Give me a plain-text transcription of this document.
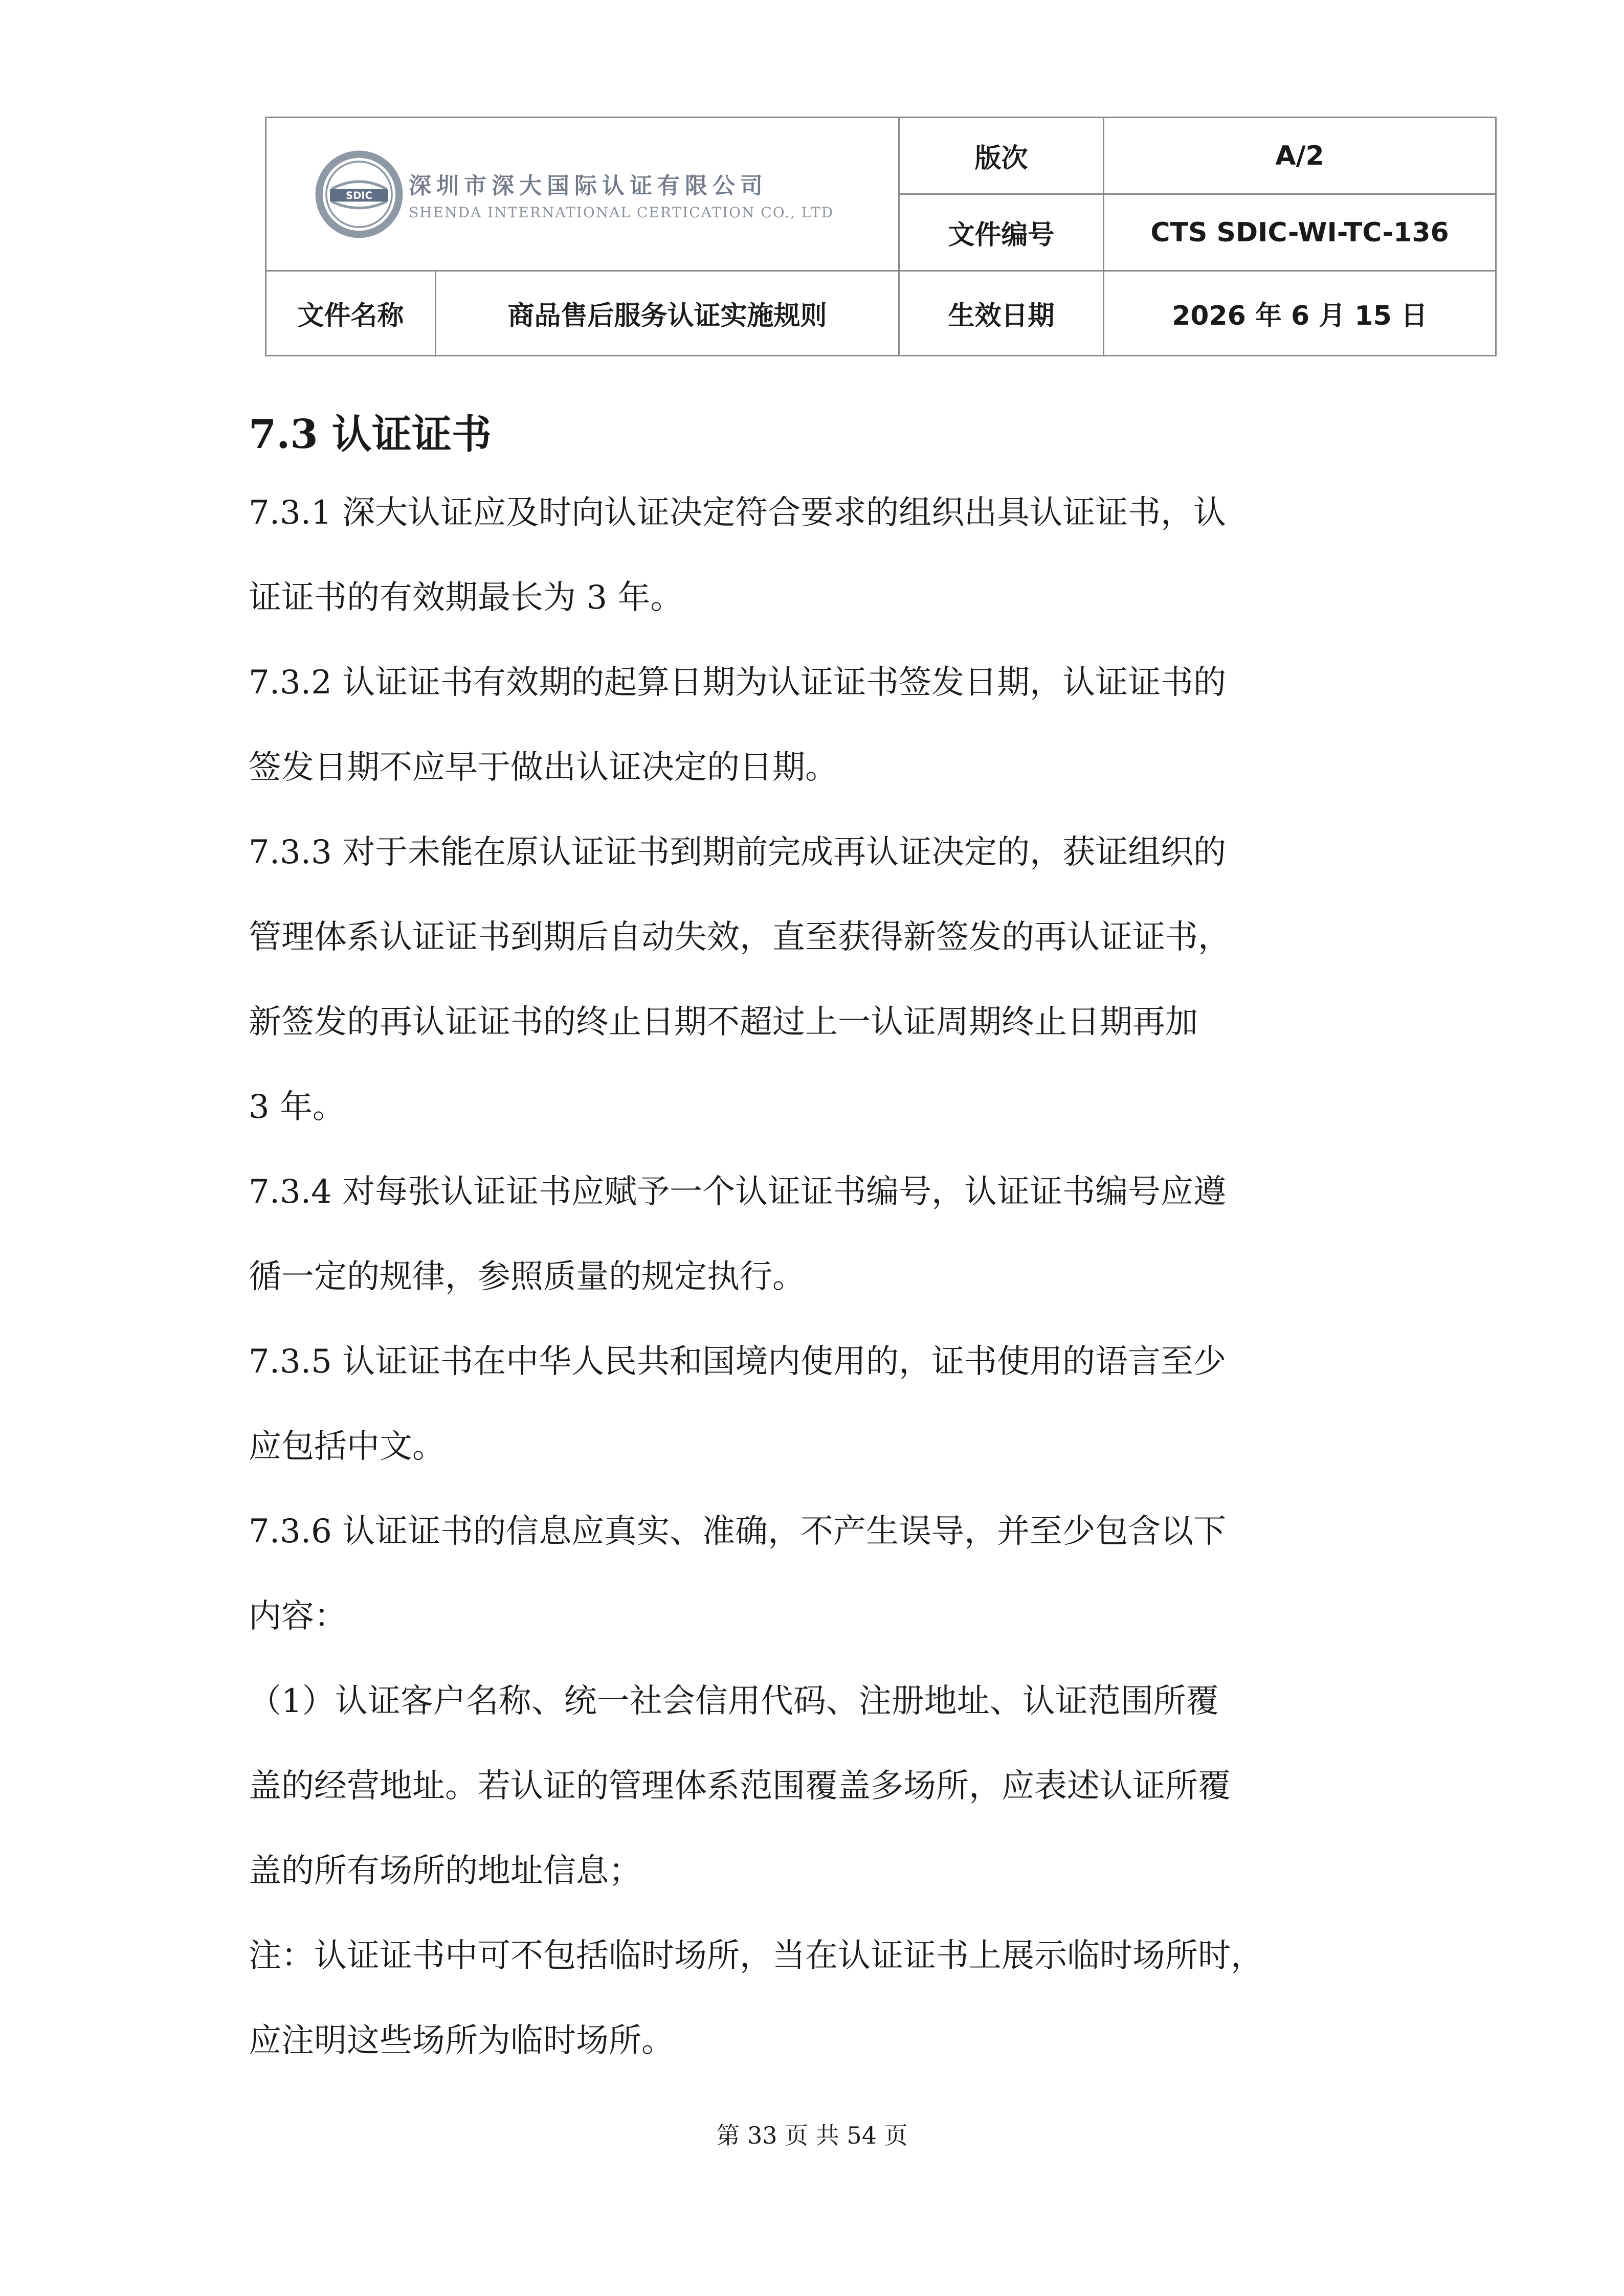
SDIC 深圳市深大国际认证有限公司
SHENDA INTERNATIONAL CERTICATION CO., LTD		版次	A/2
		文件编号	CTS SDIC-WI-TC-136
文件名称	商品售后服务认证实施规则	生效日期	2026 年 6 月 15 日
7.3 认证证书
7.3.1 深大认证应及时向认证决定符合要求的组织出具认证证书，认
证证书的有效期最长为 3 年。
7.3.2 认证证书有效期的起算日期为认证证书签发日期，认证证书的
签发日期不应早于做出认证决定的日期。
7.3.3 对于未能在原认证证书到期前完成再认证决定的，获证组织的
管理体系认证证书到期后自动失效，直至获得新签发的再认证证书，
新签发的再认证证书的终止日期不超过上一认证周期终止日期再加
3 年。
7.3.4 对每张认证证书应赋予一个认证证书编号，认证证书编号应遵
循一定的规律，参照质量的规定执行。
7.3.5 认证证书在中华人民共和国境内使用的，证书使用的语言至少
应包括中文。
7.3.6 认证证书的信息应真实、准确，不产生误导，并至少包含以下
内容：
（1）认证客户名称、统一社会信用代码、注册地址、认证范围所覆
盖的经营地址。若认证的管理体系范围覆盖多场所，应表述认证所覆
盖的所有场所的地址信息；
注：认证证书中可不包括临时场所，当在认证证书上展示临时场所时，
应注明这些场所为临时场所。
第 33 页 共 54 页
